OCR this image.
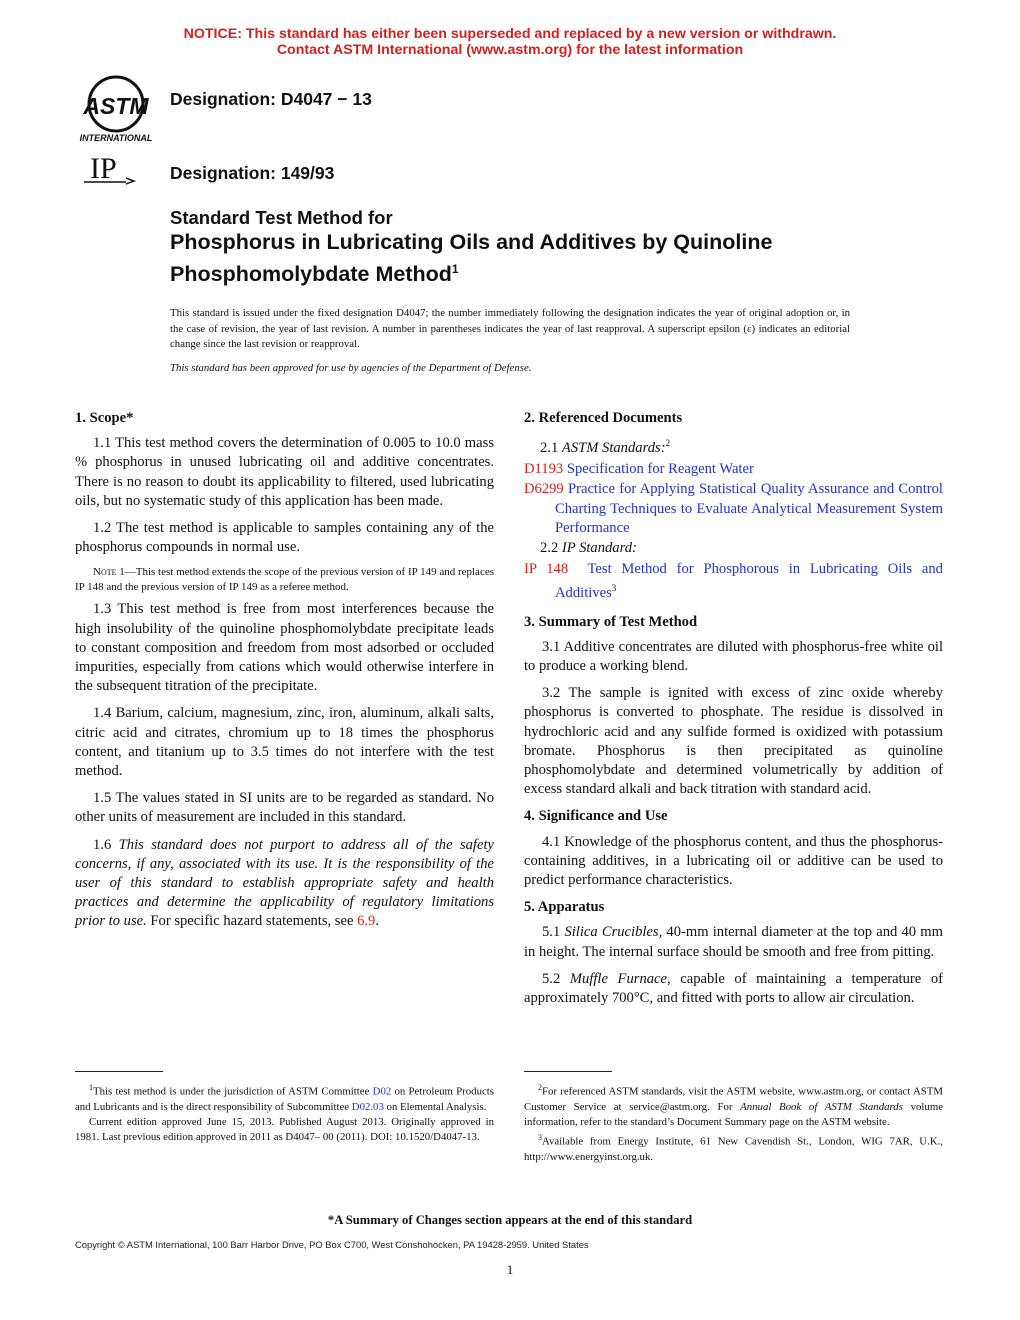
NOTICE: This standard has either been superseded and replaced by a new version or withdrawn.
Contact ASTM International (www.astm.org) for the latest information
ASTM
INTERNATIONAL
IP
Designation: D4047 − 13
Designation: 149/93
Standard Test Method for
Phosphorus in Lubricating Oils and Additives by Quinoline
Phosphomolybdate Method$^1$
This standard is issued under the fixed designation D4047; the number immediately following the designation indicates the year of original adoption or, in the case of revision, the year of last revision. A number in parentheses indicates the year of last reapproval. A superscript epsilon (ε) indicates an editorial change since the last revision or reapproval.
This standard has been approved for use by agencies of the Department of Defense.
1. Scope*

1.1 This test method covers the determination of 0.005 to 10.0 mass % phosphorus in unused lubricating oil and additive concentrates. There is no reason to doubt its applicability to filtered, used lubricating oils, but no systematic study of this application has been made.

1.2 The test method is applicable to samples containing any of the phosphorus compounds in normal use.

Note 1—This test method extends the scope of the previous version of IP 149 and replaces IP 148 and the previous version of IP 149 as a referee method.

1.3 This test method is free from most interferences because the high insolubility of the quinoline phosphomolybdate precipitate leads to constant composition and freedom from most adsorbed or occluded impurities, especially from cations which would otherwise interfere in the subsequent titration of the precipitate.

1.4 Barium, calcium, magnesium, zinc, iron, aluminum, alkali salts, citric acid and citrates, chromium up to 18 times the phosphorus content, and titanium up to 3.5 times do not interfere with the test method.

1.5 The values stated in SI units are to be regarded as standard. No other units of measurement are included in this standard.

1.6 This standard does not purport to address all of the safety concerns, if any, associated with its use. It is the responsibility of the user of this standard to establish appropriate safety and health practices and determine the applicability of regulatory limitations prior to use. For specific hazard statements, see 6.9.

2. Referenced Documents
2.1 ASTM Standards:$^2$
D1193 Specification for Reagent Water
D6299 Practice for Applying Statistical Quality Assurance and Control Charting Techniques to Evaluate Analytical Measurement System Performance
2.2 IP Standard:
IP 148 Test Method for Phosphorous in Lubricating Oils and Additives$^3$
3. Summary of Test Method

3.1 Additive concentrates are diluted with phosphorus-free white oil to produce a working blend.

3.2 The sample is ignited with excess of zinc oxide whereby phosphorus is converted to phosphate. The residue is dissolved in hydrochloric acid and any sulfide formed is oxidized with potassium bromate. Phosphorus is then precipitated as quinoline phosphomolybdate and determined volumetrically by addition of excess standard alkali and back titration with standard acid.

4. Significance and Use

4.1 Knowledge of the phosphorus content, and thus the phosphorus-containing additives, in a lubricating oil or additive can be used to predict performance characteristics.

5. Apparatus

5.1 Silica Crucibles, 40-mm internal diameter at the top and 40 mm in height. The internal surface should be smooth and free from pitting.

5.2 Muffle Furnace, capable of maintaining a temperature of approximately 700°C, and fitted with ports to allow air circulation.

$^1$This test method is under the jurisdiction of ASTM Committee D02 on Petroleum Products and Lubricants and is the direct responsibility of Subcommittee D02.03 on Elemental Analysis.

Current edition approved June 15, 2013. Published August 2013. Originally approved in 1981. Last previous edition approved in 2011 as D4047– 00 (2011). DOI: 10.1520/D4047-13.

$^2$For referenced ASTM standards, visit the ASTM website, www.astm.org, or contact ASTM Customer Service at service@astm.org. For Annual Book of ASTM Standards volume information, refer to the standard’s Document Summary page on the ASTM website.

$^3$Available from Energy Institute, 61 New Cavendish St., London, WIG 7AR, U.K., http://www.energyinst.org.uk.

*A Summary of Changes section appears at the end of this standard
Copyright © ASTM International, 100 Barr Harbor Drive, PO Box C700, West Conshohocken, PA 19428-2959. United States
1
